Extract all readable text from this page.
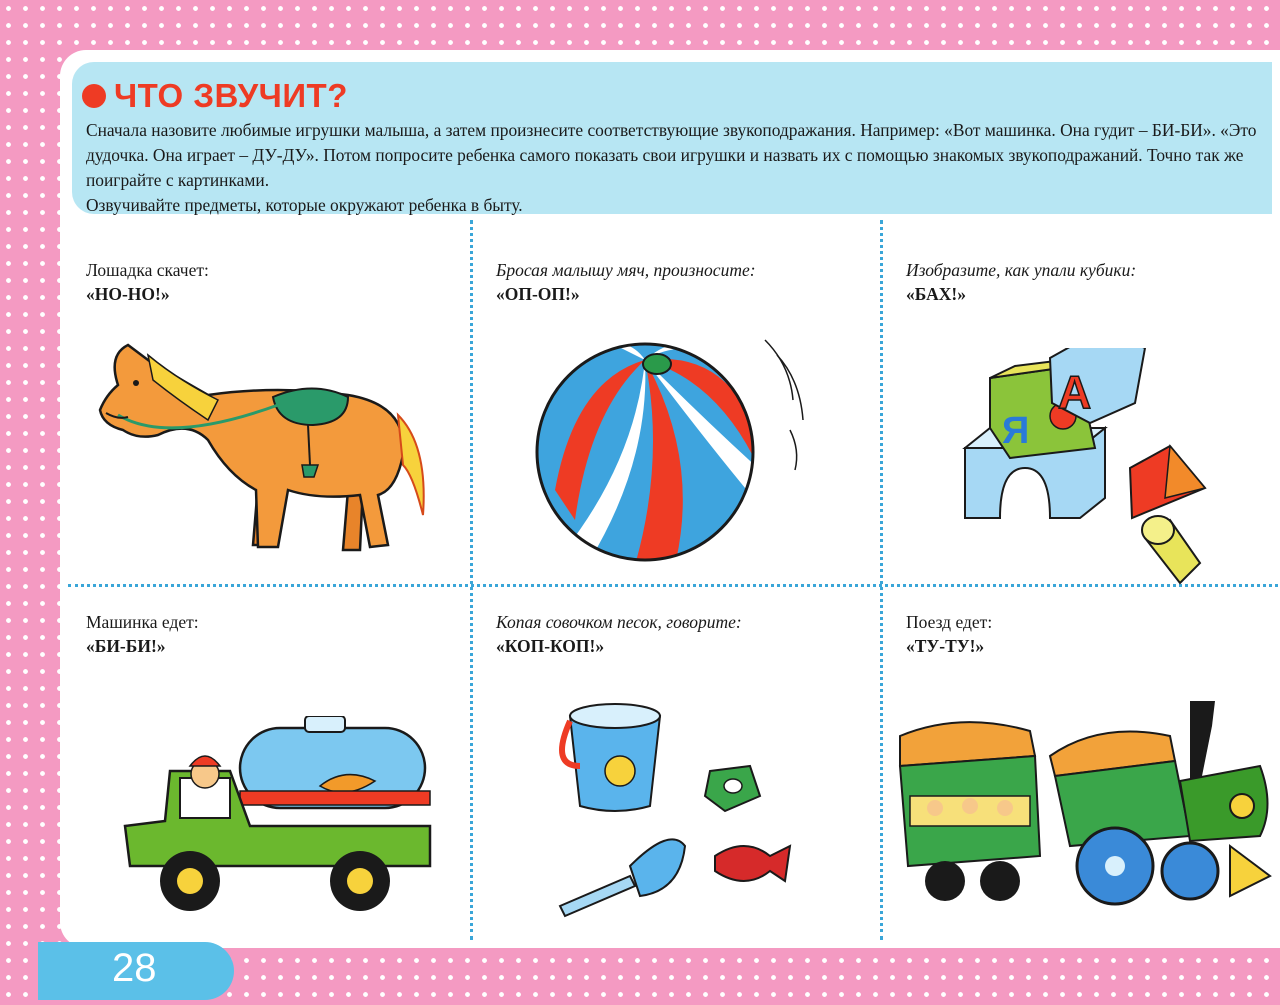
ЧТО ЗВУЧИТ?

Сначала назовите любимые игрушки малыша, а затем произнесите соответствующие звукоподражания. Например: «Вот машинка. Она гудит – БИ-БИ». «Это дудочка. Она играет – ДУ-ДУ». Потом попросите ребенка самого показать свои игрушки и назвать их с помощью знакомых звукоподражаний. Точно так же поиграйте с картинками.
Озвучивайте предметы, которые окружают ребенка в быту.

Лошадка скачет:
«НО-НО!»
Бросая малышу мяч, произносите:
«ОП-ОП!»
Изобразите, как упали кубики:
«БАХ!»
Я
А
Машинка едет:
«БИ-БИ!»
Копая совочком песок, говорите:
«КОП-КОП!»
Поезд едет:
«ТУ-ТУ!»
28
